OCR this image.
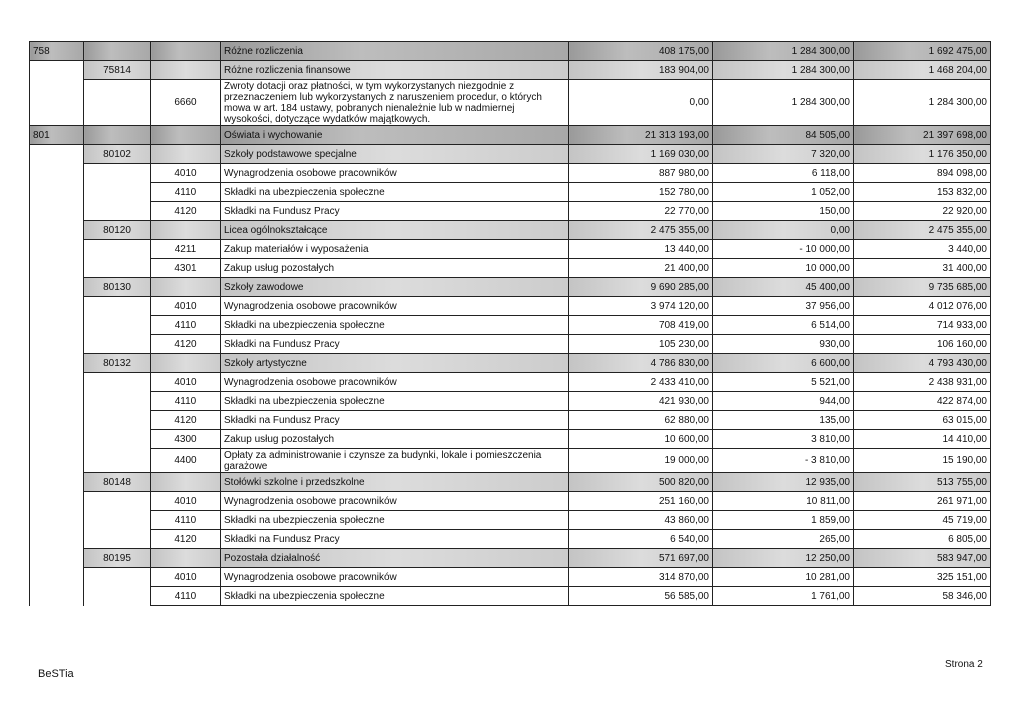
758			Różne rozliczenia	408 175,00	1 284 300,00	1 692 475,00
	75814		Różne rozliczenia finansowe	183 904,00	1 284 300,00	1 468 204,00
		6660	Zwroty dotacji oraz płatności, w tym wykorzystanych niezgodnie z przeznaczeniem lub wykorzystanych z naruszeniem procedur, o których mowa w art. 184 ustawy, pobranych nienależnie lub w nadmiernej wysokości, dotyczące wydatków majątkowych.	0,00	1 284 300,00	1 284 300,00
801			Oświata i wychowanie	21 313 193,00	84 505,00	21 397 698,00
	80102		Szkoły podstawowe specjalne	1 169 030,00	7 320,00	1 176 350,00
		4010	Wynagrodzenia osobowe pracowników	887 980,00	6 118,00	894 098,00
		4110	Składki na ubezpieczenia społeczne	152 780,00	1 052,00	153 832,00
		4120	Składki na Fundusz Pracy	22 770,00	150,00	22 920,00
	80120		Licea ogólnokształcące	2 475 355,00	0,00	2 475 355,00
		4211	Zakup materiałów i wyposażenia	13 440,00	- 10 000,00	3 440,00
		4301	Zakup usług pozostałych	21 400,00	10 000,00	31 400,00
	80130		Szkoły zawodowe	9 690 285,00	45 400,00	9 735 685,00
		4010	Wynagrodzenia osobowe pracowników	3 974 120,00	37 956,00	4 012 076,00
		4110	Składki na ubezpieczenia społeczne	708 419,00	6 514,00	714 933,00
		4120	Składki na Fundusz Pracy	105 230,00	930,00	106 160,00
	80132		Szkoły artystyczne	4 786 830,00	6 600,00	4 793 430,00
		4010	Wynagrodzenia osobowe pracowników	2 433 410,00	5 521,00	2 438 931,00
		4110	Składki na ubezpieczenia społeczne	421 930,00	944,00	422 874,00
		4120	Składki na Fundusz Pracy	62 880,00	135,00	63 015,00
		4300	Zakup usług pozostałych	10 600,00	3 810,00	14 410,00
		4400	Opłaty za administrowanie i czynsze za budynki, lokale i pomieszczenia garażowe	19 000,00	- 3 810,00	15 190,00
	80148		Stołówki szkolne i przedszkolne	500 820,00	12 935,00	513 755,00
		4010	Wynagrodzenia osobowe pracowników	251 160,00	10 811,00	261 971,00
		4110	Składki na ubezpieczenia społeczne	43 860,00	1 859,00	45 719,00
		4120	Składki na Fundusz Pracy	6 540,00	265,00	6 805,00
	80195		Pozostała działalność	571 697,00	12 250,00	583 947,00
		4010	Wynagrodzenia osobowe pracowników	314 870,00	10 281,00	325 151,00
		4110	Składki na ubezpieczenia społeczne	56 585,00	1 761,00	58 346,00
BeSTia
Strona 2
